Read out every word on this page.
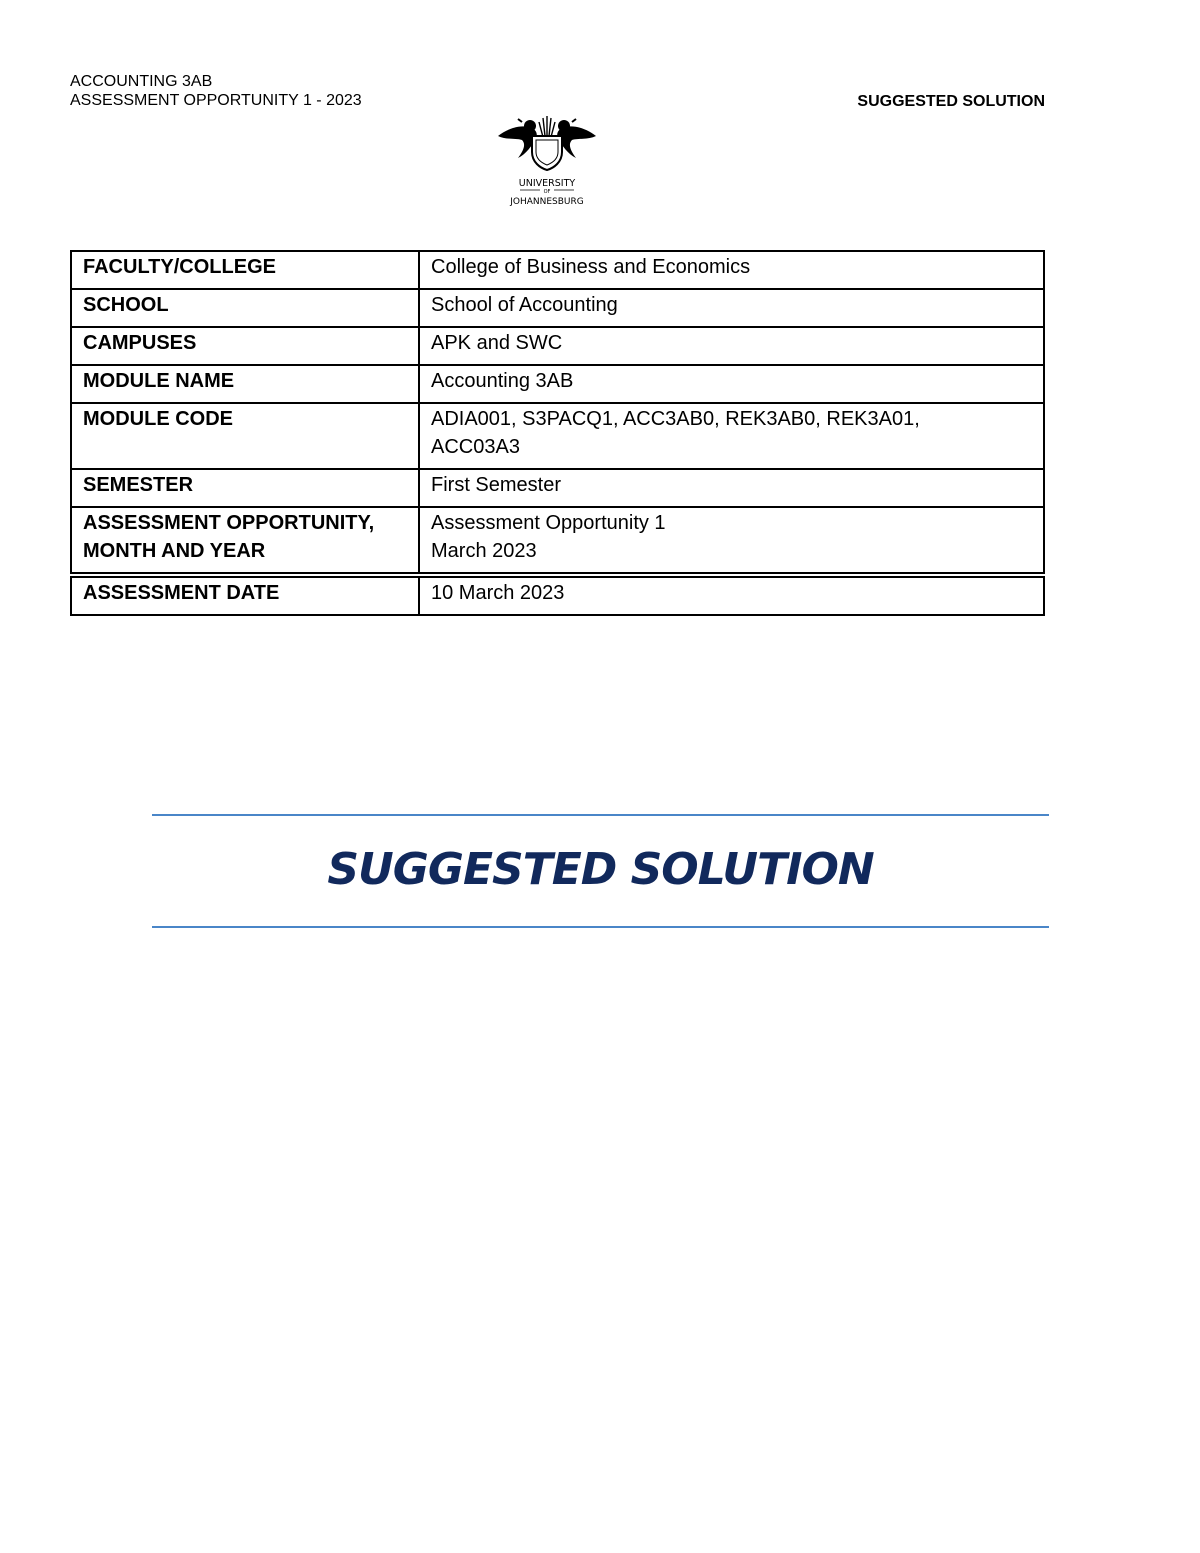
ACCOUNTING 3AB
ASSESSMENT OPPORTUNITY 1 - 2023	SUGGESTED SOLUTION
UNIVERSITY
OF
JOHANNESBURG
FACULTY/COLLEGE	College of Business and Economics
SCHOOL	School of Accounting
CAMPUSES	APK and SWC
MODULE NAME	Accounting 3AB
MODULE CODE	ADIA001, S3PACQ1, ACC3AB0, REK3AB0, REK3A01,
ACC03A3

SEMESTER	First Semester

ASSESSMENT OPPORTUNITY,
MONTH AND YEAR	Assessment Opportunity 1
March 2023
ASSESSMENT DATE	10 March 2023
SUGGESTED SOLUTION
